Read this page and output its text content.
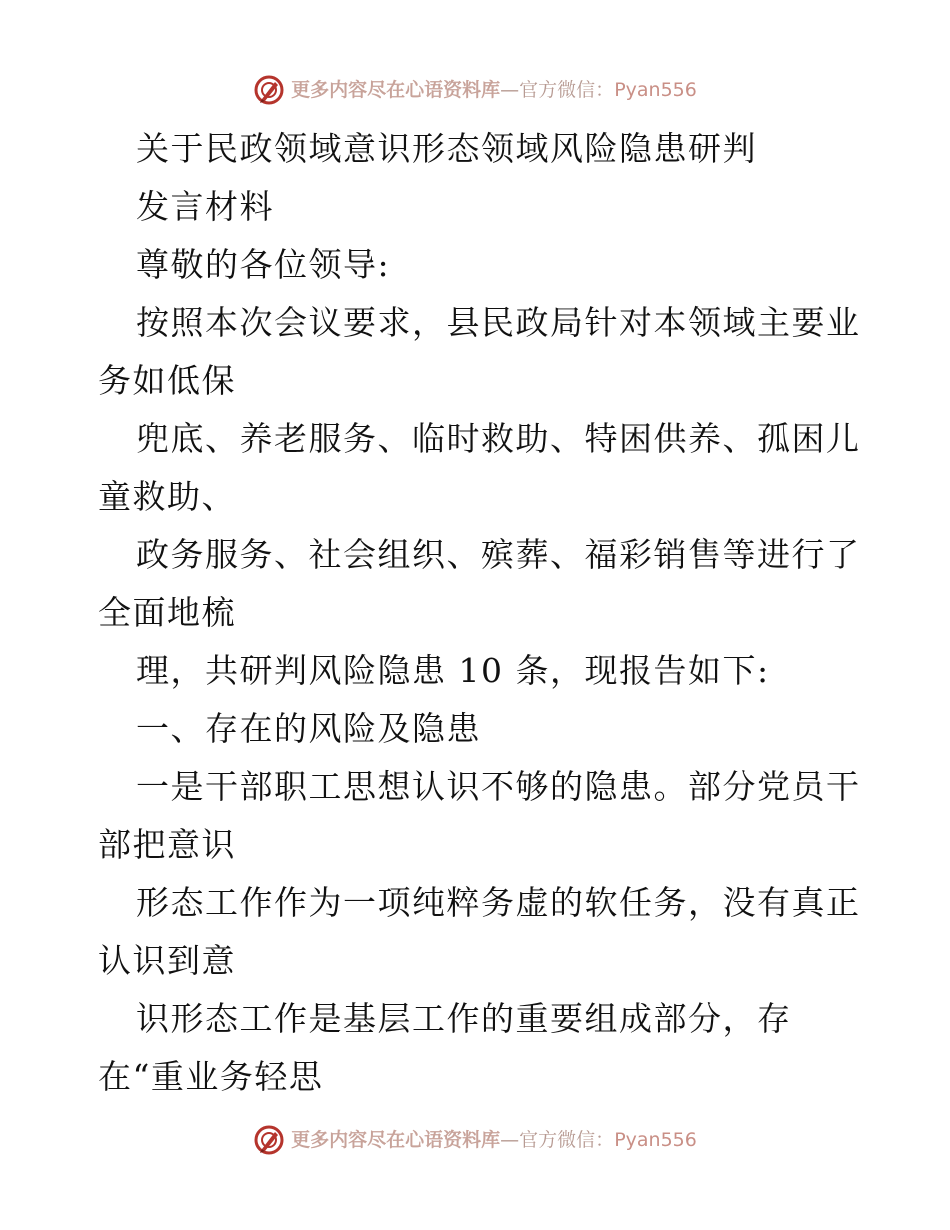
更多内容尽在心语资料库—官方微信：Pyan556
关于民政领域意识形态领域风险隐患研判
发言材料
尊敬的各位领导:
按照本次会议要求，县民政局针对本领域主要业
务如低保
兜底、养老服务、临时救助、特困供养、孤困儿
童救助、
政务服务、社会组织、殡葬、福彩销售等进行了
全面地梳
理，共研判风险隐患 10 条，现报告如下:
一、存在的风险及隐患
一是干部职工思想认识不够的隐患。部分党员干
部把意识
形态工作作为一项纯粹务虚的软任务，没有真正
认识到意
识形态工作是基层工作的重要组成部分，存
在“重业务轻思
更多内容尽在心语资料库—官方微信：Pyan556
